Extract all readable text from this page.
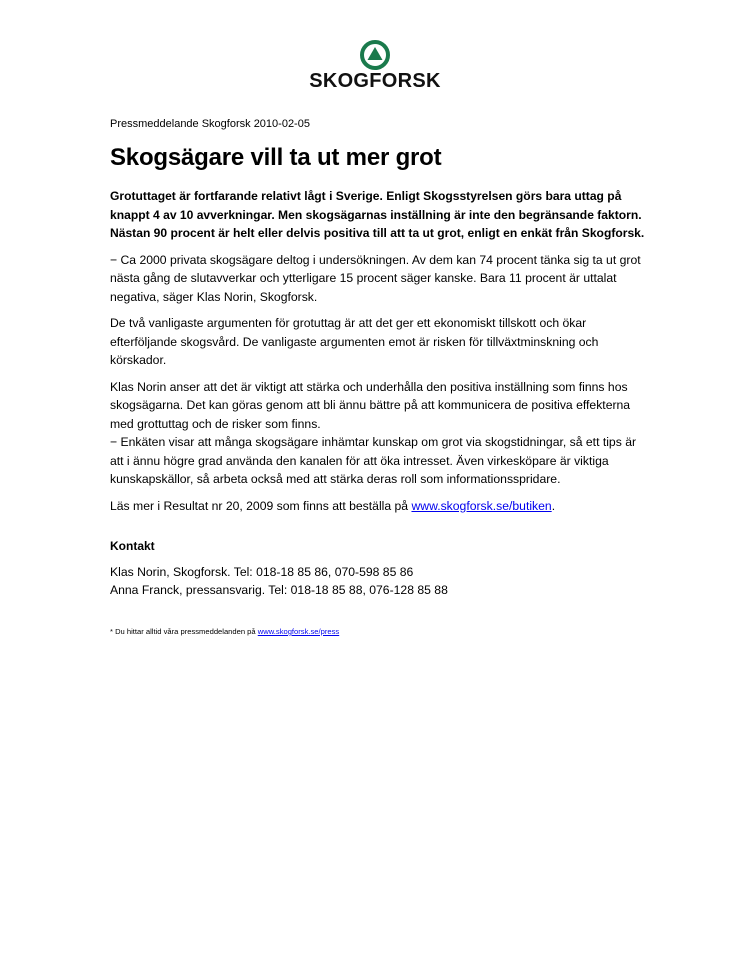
SKOGFORSK

Pressmeddelande Skogforsk 2010-02-05

Skogsägare vill ta ut mer grot

Grotuttaget är fortfarande relativt lågt i Sverige. Enligt Skogsstyrelsen görs bara uttag på knappt 4 av 10 avverkningar. Men skogsägarnas inställning är inte den begränsande faktorn. Nästan 90 procent är helt eller delvis positiva till att ta ut grot, enligt en enkät från Skogforsk.

− Ca 2000 privata skogsägare deltog i undersökningen. Av dem kan 74 procent tänka sig ta ut grot nästa gång de slutavverkar och ytterligare 15 procent säger kanske. Bara 11 procent är uttalat negativa, säger Klas Norin, Skogforsk.

De två vanligaste argumenten för grotuttag är att det ger ett ekonomiskt tillskott och ökar efterföljande skogsvård. De vanligaste argumenten emot är risken för tillväxtminskning och körskador.

Klas Norin anser att det är viktigt att stärka och underhålla den positiva inställning som finns hos skogsägarna. Det kan göras genom att bli ännu bättre på att kommunicera de positiva effekterna med grottuttag och de risker som finns.

− Enkäten visar att många skogsägare inhämtar kunskap om grot via skogstidningar, så ett tips är att i ännu högre grad använda den kanalen för att öka intresset. Även virkesköpare är viktiga kunskapskällor, så arbeta också med att stärka deras roll som informationsspridare.

Läs mer i Resultat nr 20, 2009 som finns att beställa på www.skogforsk.se/butiken.

Kontakt

Klas Norin, Skogforsk. Tel: 018-18 85 86, 070-598 85 86

Anna Franck, pressansvarig. Tel: 018-18 85 88, 076-128 85 88

* Du hittar alltid våra pressmeddelanden på www.skogforsk.se/press
